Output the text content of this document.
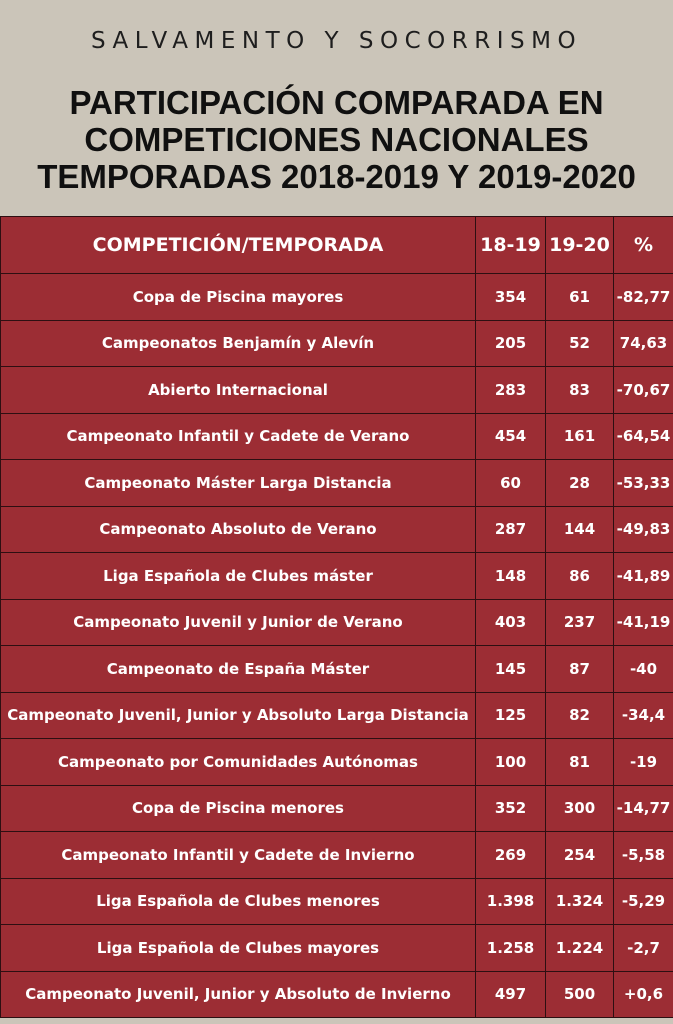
SALVAMENTO Y SOCORRISMO
PARTICIPACIÓN COMPARADA EN
COMPETICIONES NACIONALES
TEMPORADAS 2018-2019 Y 2019-2020
COMPETICIÓN/TEMPORADA	18-19	19-20	%
Copa de Piscina mayores	354	61	-82,77
Campeonatos Benjamín y Alevín	205	52	74,63
Abierto Internacional	283	83	-70,67
Campeonato Infantil y Cadete de Verano	454	161	-64,54
Campeonato Máster Larga Distancia	60	28	-53,33
Campeonato Absoluto de Verano	287	144	-49,83
Liga Española de Clubes máster	148	86	-41,89
Campeonato Juvenil y Junior de Verano	403	237	-41,19
Campeonato de España Máster	145	87	-40
Campeonato Juvenil, Junior y Absoluto Larga Distancia	125	82	-34,4
Campeonato por Comunidades Autónomas	100	81	-19
Copa de Piscina menores	352	300	-14,77
Campeonato Infantil y Cadete de Invierno	269	254	-5,58
Liga Española de Clubes menores	1.398	1.324	-5,29
Liga Española de Clubes mayores	1.258	1.224	-2,7
Campeonato Juvenil, Junior y Absoluto de Invierno	497	500	+0,6
